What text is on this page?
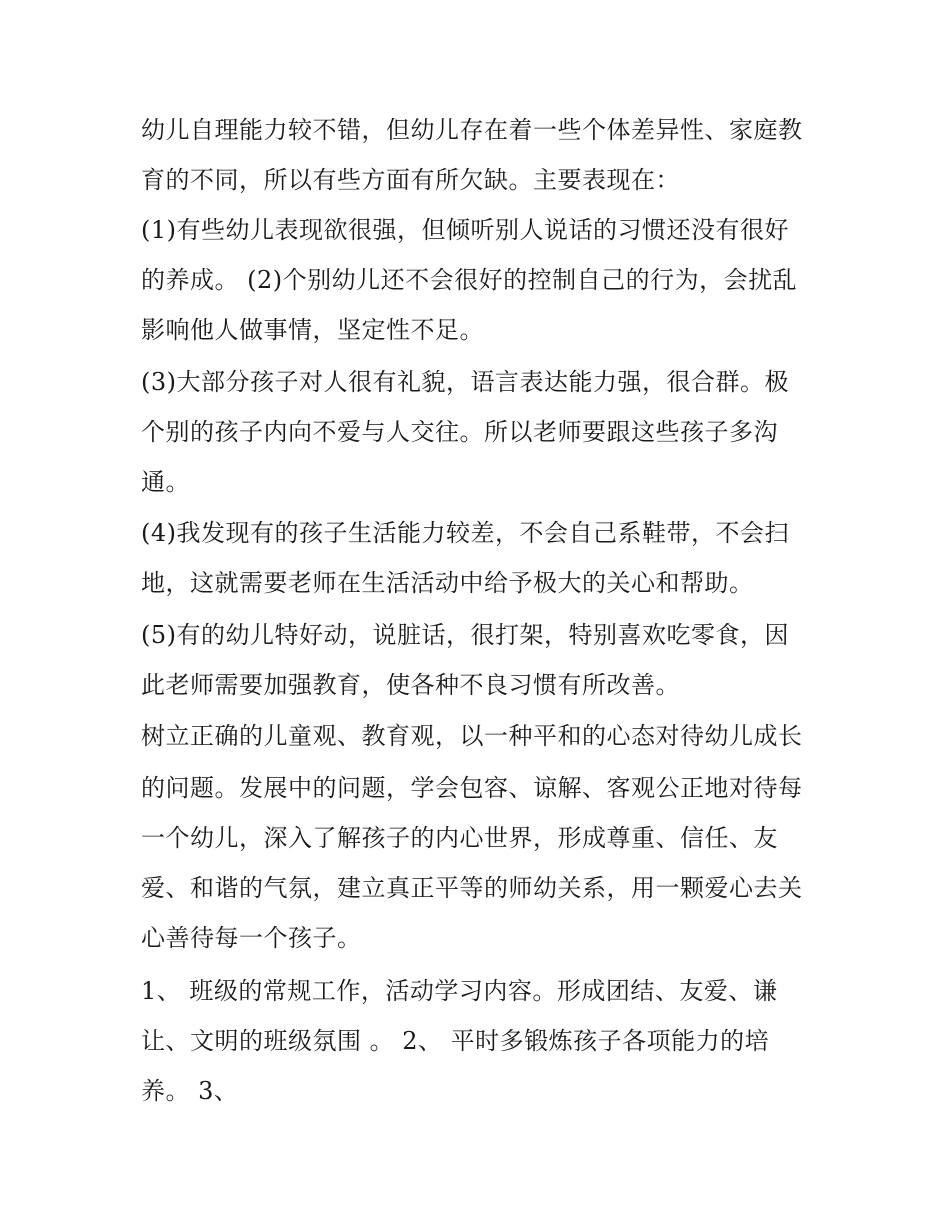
幼儿自理能力较不错，但幼儿存在着一些个体差异性、家庭教

育的不同，所以有些方面有所欠缺。主要表现在：

(1)有些幼儿表现欲很强，但倾听别人说话的习惯还没有很好

的养成。 (2)个别幼儿还不会很好的控制自己的行为，会扰乱

影响他人做事情，坚定性不足。

(3)大部分孩子对人很有礼貌，语言表达能力强，很合群。极

个别的孩子内向不爱与人交往。所以老师要跟这些孩子多沟

通。

(4)我发现有的孩子生活能力较差，不会自己系鞋带，不会扫

地，这就需要老师在生活活动中给予极大的关心和帮助。

(5)有的幼儿特好动，说脏话，很打架，特别喜欢吃零食，因

此老师需要加强教育，使各种不良习惯有所改善。

树立正确的儿童观、教育观，以一种平和的心态对待幼儿成长

的问题。发展中的问题，学会包容、谅解、客观公正地对待每

一个幼儿，深入了解孩子的内心世界，形成尊重、信任、友

爱、和谐的气氛，建立真正平等的师幼关系，用一颗爱心去关

心善待每一个孩子。

1、 班级的常规工作，活动学习内容。形成团结、友爱、谦

让、文明的班级氛围 。 2、 平时多锻炼孩子各项能力的培

养。 3、
